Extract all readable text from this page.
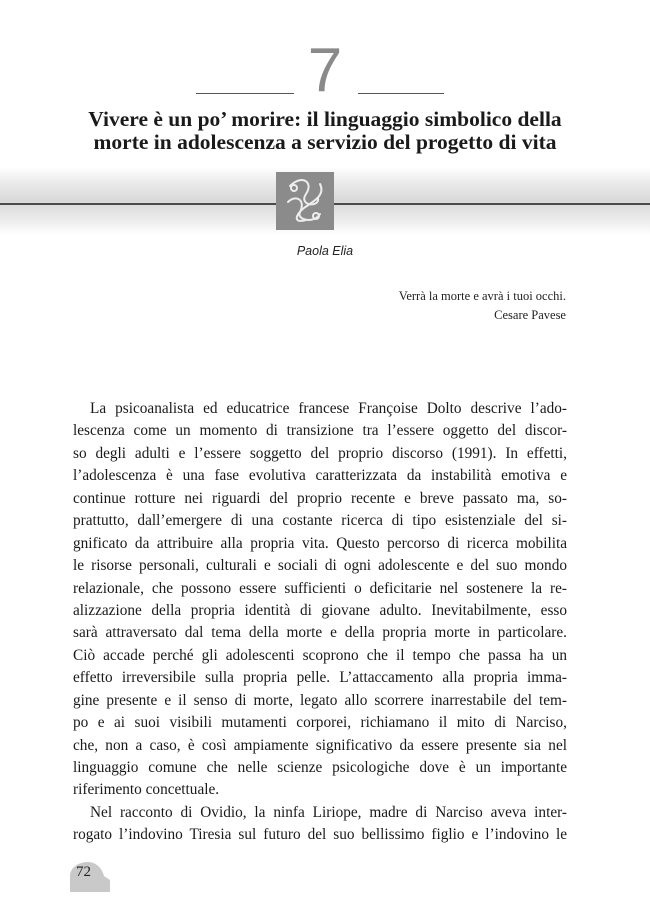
7
Vivere è un po’ morire: il linguaggio simbolico della
morte in adolescenza a servizio del progetto di vita
Paola Elia
Verrà la morte e avrà i tuoi occhi.
Cesare Pavese
La psicoanalista ed educatrice francese Françoise Dolto descrive l’ado-
lescenza come un momento di transizione tra l’essere oggetto del discor-
so degli adulti e l’essere soggetto del proprio discorso (1991). In effetti,
l’adolescenza è una fase evolutiva caratterizzata da instabilità emotiva e
continue rotture nei riguardi del proprio recente e breve passato ma, so-
prattutto, dall’emergere di una costante ricerca di tipo esistenziale del si-
gnificato da attribuire alla propria vita. Questo percorso di ricerca mobilita
le risorse personali, culturali e sociali di ogni adolescente e del suo mondo
relazionale, che possono essere sufficienti o deficitarie nel sostenere la re-
alizzazione della propria identità di giovane adulto. Inevitabilmente, esso
sarà attraversato dal tema della morte e della propria morte in particolare.
Ciò accade perché gli adolescenti scoprono che il tempo che passa ha un
effetto irreversibile sulla propria pelle. L’attaccamento alla propria imma-
gine presente e il senso di morte, legato allo scorrere inarrestabile del tem-
po e ai suoi visibili mutamenti corporei, richiamano il mito di Narciso,
che, non a caso, è così ampiamente significativo da essere presente sia nel
linguaggio comune che nelle scienze psicologiche dove è un importante
riferimento concettuale.
Nel racconto di Ovidio, la ninfa Liriope, madre di Narciso aveva inter-
rogato l’indovino Tiresia sul futuro del suo bellissimo figlio e l’indovino le
72
